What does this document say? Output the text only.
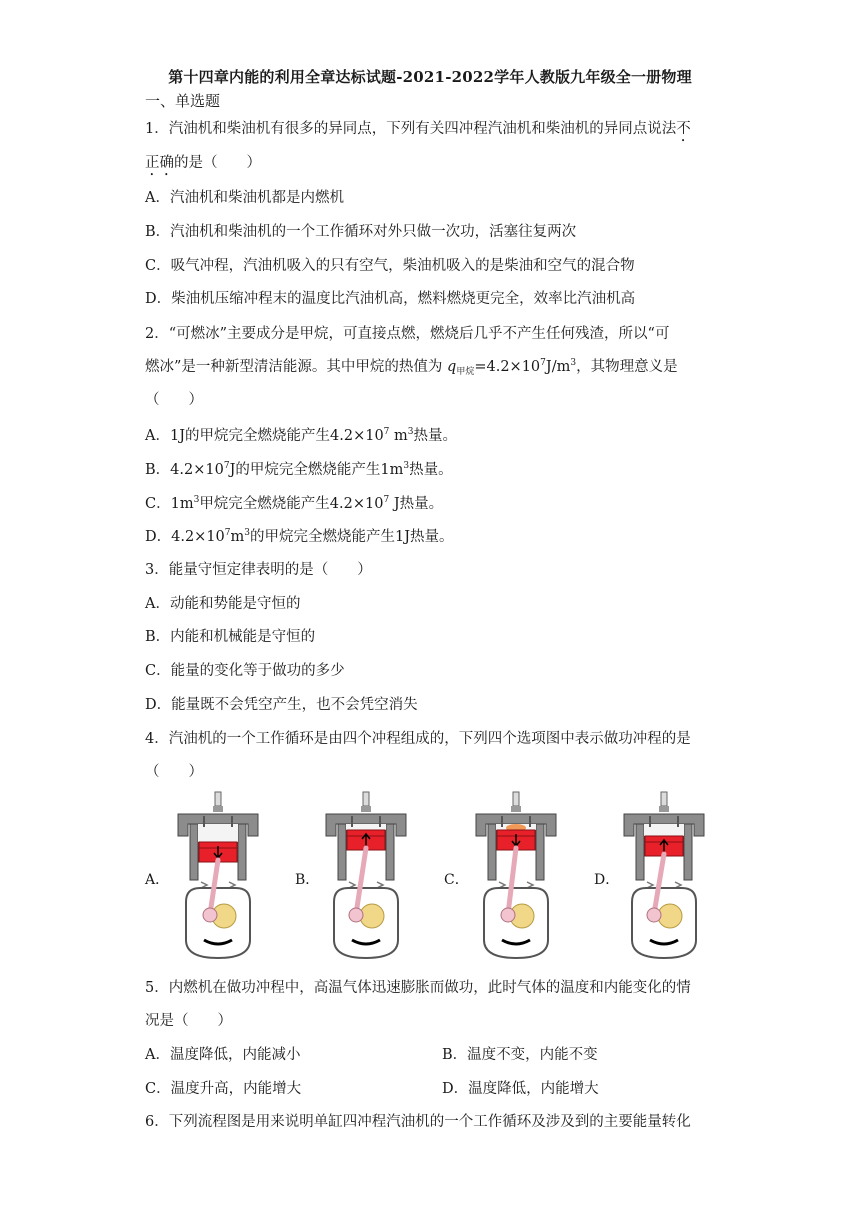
第十四章内能的利用全章达标试题-2021-2022学年人教版九年级全一册物理
一、单选题
1．汽油机和柴油机有很多的异同点，下列有关四冲程汽油机和柴油机的异同点说法不
正确的是（　　）
A．汽油机和柴油机都是内燃机
B．汽油机和柴油机的一个工作循环对外只做一次功，活塞往复两次
C．吸气冲程，汽油机吸入的只有空气，柴油机吸入的是柴油和空气的混合物
D．柴油机压缩冲程末的温度比汽油机高，燃料燃烧更完全，效率比汽油机高
2．“可燃冰”主要成分是甲烷，可直接点燃，燃烧后几乎不产生任何残渣，所以“可
燃冰”是一种新型清洁能源。其中甲烷的热值为 $q_{甲烷}=4.2\times 10^7J/m^3$，其物理意义是
（　　）
A．1J的甲烷完全燃烧能产生$4.2\times 10^7$ $m^3$热量。
B．$4.2\times 10^7J$的甲烷完全燃烧能产生$1m^3$热量。
C．$1m^3$甲烷完全燃烧能产生$4.2\times 10^7$ J热量。
D．$4.2\times 10^7m^3$的甲烷完全燃烧能产生1J热量。
3．能量守恒定律表明的是（　　）
A．动能和势能是守恒的
B．内能和机械能是守恒的
C．能量的变化等于做功的多少
D．能量既不会凭空产生，也不会凭空消失
4．汽油机的一个工作循环是由四个冲程组成的，下列四个选项图中表示做功冲程的是
（　　）
A．	B．	C．	D．
5．内燃机在做功冲程中，高温气体迅速膨胀而做功，此时气体的温度和内能变化的情
况是（　　）
A．温度降低，内能减小	B．温度不变，内能不变
C．温度升高，内能增大	D．温度降低，内能增大
6．下列流程图是用来说明单缸四冲程汽油机的一个工作循环及涉及到的主要能量转化
